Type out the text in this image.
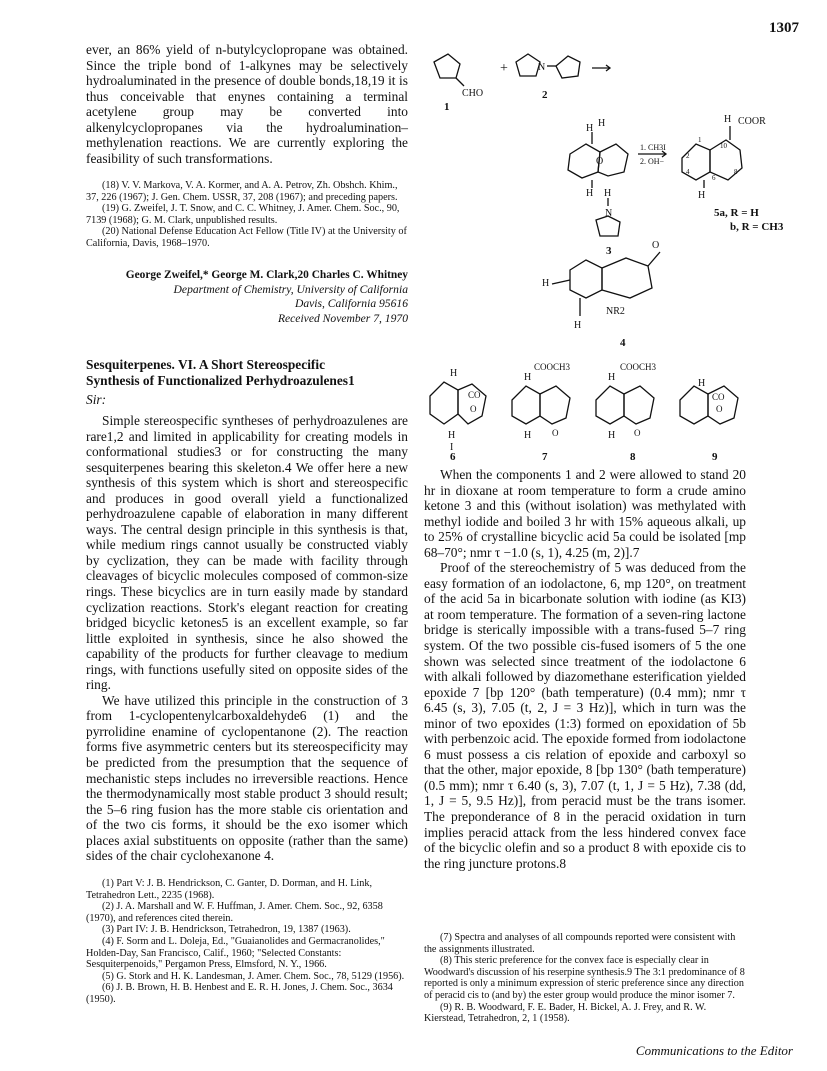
1307

ever, an 86% yield of n-butylcyclopropane was obtained. Since the triple bond of 1-alkynes may be selectively hydroaluminated in the presence of double bonds,18,19 it is thus conceivable that enynes containing a terminal acetylene group may be converted into alkenylcyclopropanes via the hydroalumination–methylenation reactions. We are currently exploring the feasibility of such transformations.

(18) V. V. Markova, V. A. Kormer, and A. A. Petrov, Zh. Obshch. Khim., 37, 226 (1967); J. Gen. Chem. USSR, 37, 208 (1967); and preceding papers.
(19) G. Zweifel, J. T. Snow, and C. C. Whitney, J. Amer. Chem. Soc., 90, 7139 (1968); G. M. Clark, unpublished results.
(20) National Defense Education Act Fellow (Title IV) at the University of California, Davis, 1968–1970.
George Zweifel,* George M. Clark,20 Charles C. Whitney
Department of Chemistry, University of California
Davis, California 95616
Received November 7, 1970
Sesquiterpenes. VI. A Short Stereospecific
Synthesis of Functionalized Perhydroazulenes1
Sir:

Simple stereospecific syntheses of perhydroazulenes are rare1,2 and limited in applicability for creating models in conformational studies3 or for constructing the many sesquiterpenes bearing this skeleton.4 We offer here a new synthesis of this system which is short and stereospecific and produces in good overall yield a functionalized perhydroazulene capable of elaboration in many different ways. The central design principle in this synthesis is that, while medium rings cannot usually be constructed viably by cyclization, they can be made with facility through cleavages of bicyclic molecules composed of common-size rings. These bicyclics are in turn easily made by standard cyclization reactions. Stork's elegant reaction for creating bridged bicyclic ketones5 is an excellent example, so far little exploited in synthesis, since he also showed the capability of the products for further cleavage to medium rings, with functions usefully sited on opposite sides of the ring.

We have utilized this principle in the construction of 3 from 1-cyclopentenylcarboxaldehyde6 (1) and the pyrrolidine enamine of cyclopentanone (2). The reaction forms five asymmetric centers but its stereospecificity may be predicted from the presumption that the sequence of mechanistic steps includes no irreversible reactions. Hence the thermodynamically most stable product 3 should result; the 5–6 ring fusion has the more stable cis orientation and of the two cis forms, it should be the exo isomer which places axial substituents on opposite (rather than the same) sides of the chair cyclohexanone 4.

(1) Part V: J. B. Hendrickson, C. Ganter, D. Dorman, and H. Link, Tetrahedron Lett., 2235 (1968).
(2) J. A. Marshall and W. F. Huffman, J. Amer. Chem. Soc., 92, 6358 (1970), and references cited therein.
(3) Part IV: J. B. Hendrickson, Tetrahedron, 19, 1387 (1963).
(4) F. Sorm and L. Doleja, Ed., "Guaianolides and Germacranolides," Holden-Day, San Francisco, Calif., 1960; "Selected Constants: Sesquiterpenoids," Pergamon Press, Elmsford, N. Y., 1966.
(5) G. Stork and H. K. Landesman, J. Amer. Chem. Soc., 78, 5129 (1956).
(6) J. B. Brown, H. B. Henbest and E. R. H. Jones, J. Chem. Soc., 3634 (1950).
CHO
1
+	N
2
H H
O
H H
N
3
1. CH3I
2. OH−
H COOR
1
10
2
4
6
8
H
5a, R = H
b, R = CH3
O
H
NR2
H
4
H
CO
O
H
I
6
H
COOCH3
H O
7
H
COOCH3
H O
8
H
CO
O
9

When the components 1 and 2 were allowed to stand 20 hr in dioxane at room temperature to form a crude amino ketone 3 and this (without isolation) was methylated with methyl iodide and boiled 3 hr with 15% aqueous alkali, up to 25% of crystalline bicyclic acid 5a could be isolated [mp 68–70°; nmr τ −1.0 (s, 1), 4.25 (m, 2)].7

Proof of the stereochemistry of 5 was deduced from the easy formation of an iodolactone, 6, mp 120°, on treatment of the acid 5a in bicarbonate solution with iodine (as KI3) at room temperature. The formation of a seven-ring lactone bridge is sterically impossible with a trans-fused 5–7 ring system. Of the two possible cis-fused isomers of 5 the one shown was selected since treatment of the iodolactone 6 with alkali followed by diazomethane esterification yielded epoxide 7 [bp 120° (bath temperature) (0.4 mm); nmr τ 6.45 (s, 3), 7.05 (t, 2, J = 3 Hz)], which in turn was the minor of two epoxides (1:3) formed on epoxidation of 5b with perbenzoic acid. The epoxide formed from iodolactone 6 must possess a cis relation of epoxide and carboxyl so that the other, major epoxide, 8 [bp 130° (bath temperature) (0.5 mm); nmr τ 6.40 (s, 3), 7.07 (t, 1, J = 5 Hz), 7.38 (dd, 1, J = 5, 9.5 Hz)], from peracid must be the trans isomer. The preponderance of 8 in the peracid oxidation in turn implies peracid attack from the less hindered convex face of the bicyclic olefin and so a product 8 with epoxide cis to the ring juncture protons.8

(7) Spectra and analyses of all compounds reported were consistent with the assignments illustrated.
(8) This steric preference for the convex face is especially clear in Woodward's discussion of his reserpine synthesis.9 The 3:1 predominance of 8 reported is only a minimum expression of steric preference since any direction of peracid cis to (and by) the ester group would produce the minor isomer 7.
(9) R. B. Woodward, F. E. Bader, H. Bickel, A. J. Frey, and R. W. Kierstead, Tetrahedron, 2, 1 (1958).
Communications to the Editor
